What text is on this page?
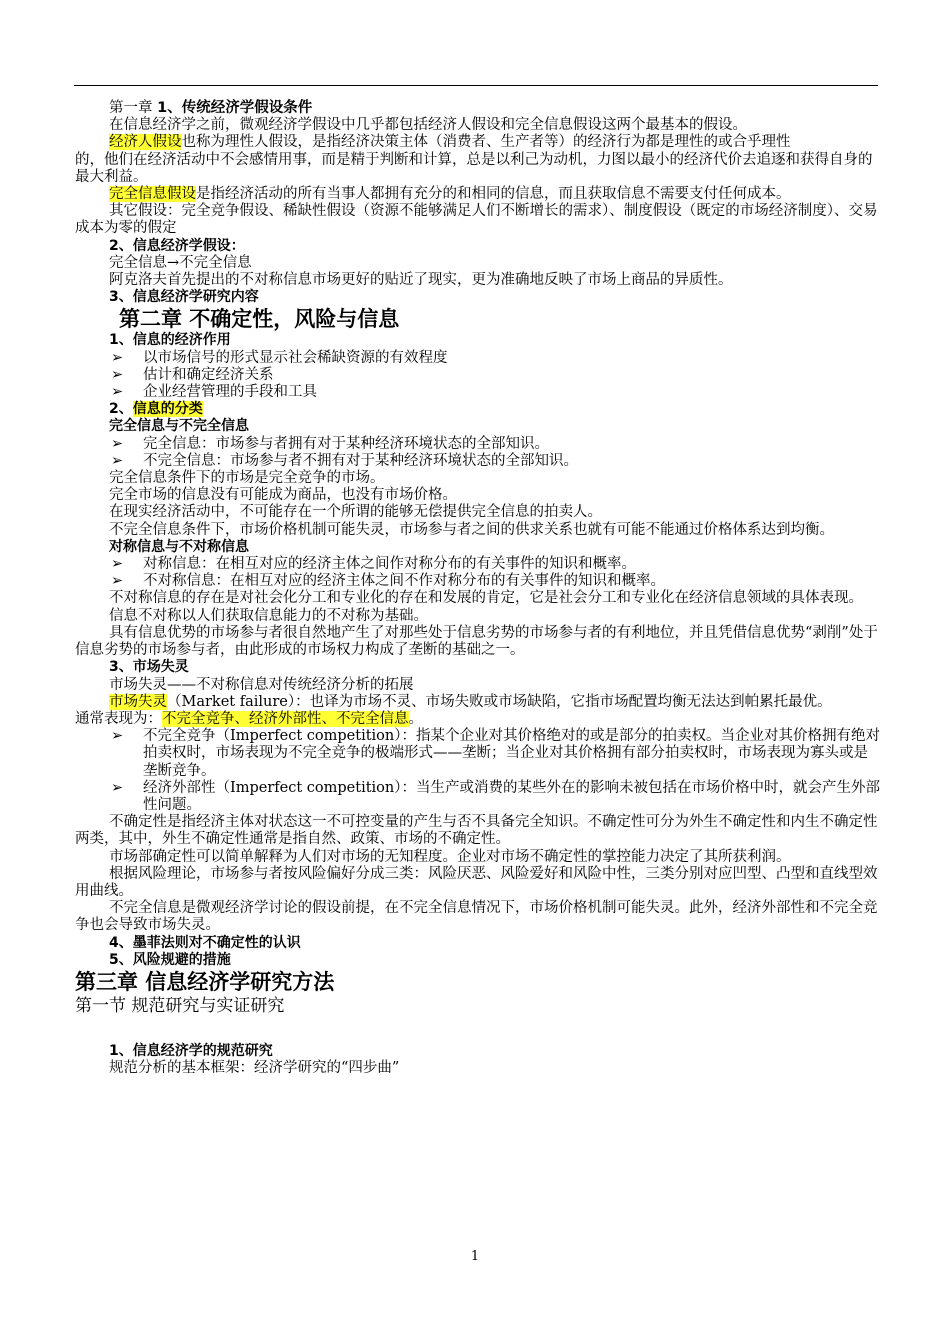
第一章 1、传统经济学假设条件

在信息经济学之前，微观经济学假设中几乎都包括经济人假设和完全信息假设这两个最基本的假设。

经济人假设也称为理性人假设，是指经济决策主体（消费者、生产者等）的经济行为都是理性的或合乎理性

的，他们在经济活动中不会感情用事，而是精于判断和计算，总是以利己为动机，力图以最小的经济代价去追逐和获得自身的最大利益。

完全信息假设是指经济活动的所有当事人都拥有充分的和相同的信息，而且获取信息不需要支付任何成本。

其它假设：完全竞争假设、稀缺性假设（资源不能够满足人们不断增长的需求）、制度假设（既定的市场经济制度）、交易成本为零的假定

2、信息经济学假设：

完全信息→不完全信息

阿克洛夫首先提出的不对称信息市场更好的贴近了现实，更为准确地反映了市场上商品的异质性。

3、信息经济学研究内容

第二章 不确定性，风险与信息

1、信息的经济作用

➢ 以市场信号的形式显示社会稀缺资源的有效程度

➢ 估计和确定经济关系

➢ 企业经营管理的手段和工具

2、信息的分类

完全信息与不完全信息

➢ 完全信息：市场参与者拥有对于某种经济环境状态的全部知识。

➢ 不完全信息：市场参与者不拥有对于某种经济环境状态的全部知识。

完全信息条件下的市场是完全竞争的市场。

完全市场的信息没有可能成为商品，也没有市场价格。

在现实经济活动中，不可能存在一个所谓的能够无偿提供完全信息的拍卖人。

不完全信息条件下，市场价格机制可能失灵，市场参与者之间的供求关系也就有可能不能通过价格体系达到均衡。

对称信息与不对称信息

➢ 对称信息：在相互对应的经济主体之间作对称分布的有关事件的知识和概率。

➢ 不对称信息：在相互对应的经济主体之间不作对称分布的有关事件的知识和概率。

不对称信息的存在是对社会化分工和专业化的存在和发展的肯定，它是社会分工和专业化在经济信息领域的具体表现。

信息不对称以人们获取信息能力的不对称为基础。

具有信息优势的市场参与者很自然地产生了对那些处于信息劣势的市场参与者的有利地位，并且凭借信息优势“剥削”处于信息劣势的市场参与者，由此形成的市场权力构成了垄断的基础之一。

3、市场失灵

市场失灵——不对称信息对传统经济分析的拓展

市场失灵（Market failure）：也译为市场不灵、市场失败或市场缺陷，它指市场配置均衡无法达到帕累托最优。

通常表现为：不完全竞争、经济外部性、不完全信息。

➢ 不完全竞争（Imperfect competition）：指某个企业对其价格绝对的或是部分的拍卖权。当企业对其价格拥有绝对拍卖权时，市场表现为不完全竞争的极端形式——垄断；当企业对其价格拥有部分拍卖权时，市场表现为寡头或是垄断竞争。

➢ 经济外部性（Imperfect competition）：当生产或消费的某些外在的影响未被包括在市场价格中时，就会产生外部性问题。

不确定性是指经济主体对状态这一不可控变量的产生与否不具备完全知识。不确定性可分为外生不确定性和内生不确定性两类，其中，外生不确定性通常是指自然、政策、市场的不确定性。

市场部确定性可以简单解释为人们对市场的无知程度。企业对市场不确定性的掌控能力决定了其所获利润。

根据风险理论，市场参与者按风险偏好分成三类：风险厌恶、风险爱好和风险中性，三类分别对应凹型、凸型和直线型效用曲线。

不完全信息是微观经济学讨论的假设前提，在不完全信息情况下，市场价格机制可能失灵。此外，经济外部性和不完全竞争也会导致市场失灵。

4、墨菲法则对不确定性的认识

5、风险规避的措施

第三章 信息经济学研究方法

第一节 规范研究与实证研究

1、信息经济学的规范研究

规范分析的基本框架：经济学研究的“四步曲”

1
